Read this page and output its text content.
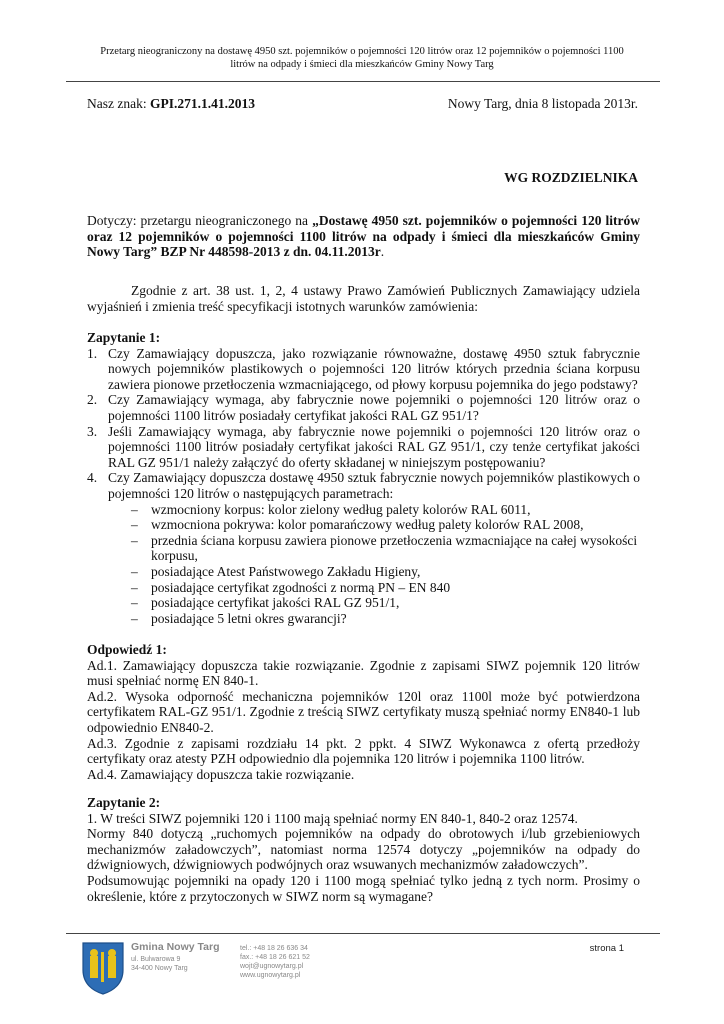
Przetarg nieograniczony na dostawę 4950 szt. pojemników o pojemności 120 litrów oraz 12 pojemników o pojemności 1100
litrów na odpady i śmieci dla mieszkańców Gminy Nowy Targ
Nasz znak: GPI.271.1.41.2013	Nowy Targ, dnia 8 listopada 2013r.
WG ROZDZIELNIKA
Dotyczy: przetargu nieograniczonego na „Dostawę 4950 szt. pojemników o pojemności 120 litrów oraz 12 pojemników o pojemności 1100 litrów na odpady i śmieci dla mieszkańców Gminy Nowy Targ” BZP Nr 448598-2013 z dn. 04.11.2013r.
Zgodnie z art. 38 ust. 1, 2, 4 ustawy Prawo Zamówień Publicznych Zamawiający udziela wyjaśnień i zmienia treść specyfikacji istotnych warunków zamówienia:
Zapytanie 1:
1. Czy Zamawiający dopuszcza, jako rozwiązanie równoważne, dostawę 4950 sztuk fabrycznie nowych pojemników plastikowych o pojemności 120 litrów których przednia ściana korpusu zawiera pionowe przetłoczenia wzmacniającego, od płowy korpusu pojemnika do jego podstawy?
2. Czy Zamawiający wymaga, aby fabrycznie nowe pojemniki o pojemności 120 litrów oraz o pojemności 1100 litrów posiadały certyfikat jakości RAL GZ 951/1?
3. Jeśli Zamawiający wymaga, aby fabrycznie nowe pojemniki o pojemności 120 litrów oraz o pojemności 1100 litrów posiadały certyfikat jakości RAL GZ 951/1, czy tenże certyfikat jakości RAL GZ 951/1 należy załączyć do oferty składanej w niniejszym postępowaniu?
4. Czy Zamawiający dopuszcza dostawę 4950 sztuk fabrycznie nowych pojemników plastikowych o pojemności 120 litrów o następujących parametrach:
– wzmocniony korpus: kolor zielony według palety kolorów RAL 6011,
– wzmocniona pokrywa: kolor pomarańczowy według palety kolorów RAL 2008,
– przednia ściana korpusu zawiera pionowe przetłoczenia wzmacniające na całej wysokości korpusu,
– posiadające Atest Państwowego Zakładu Higieny,
– posiadające certyfikat zgodności z normą PN – EN 840
– posiadające certyfikat jakości RAL GZ 951/1,
– posiadające 5 letni okres gwarancji?
Odpowiedź 1:
Ad.1. Zamawiający dopuszcza takie rozwiązanie. Zgodnie z zapisami SIWZ pojemnik 120 litrów musi spełniać normę EN 840-1.
Ad.2. Wysoka odporność mechaniczna pojemników 120l oraz 1100l może być potwierdzona certyfikatem RAL-GZ 951/1. Zgodnie z treścią SIWZ certyfikaty muszą spełniać normy EN840-1 lub odpowiednio EN840-2.
Ad.3. Zgodnie z zapisami rozdziału 14 pkt. 2 ppkt. 4 SIWZ Wykonawca z ofertą przedłoży certyfikaty oraz atesty PZH odpowiednio dla pojemnika 120 litrów i pojemnika 1100 litrów.
Ad.4. Zamawiający dopuszcza takie rozwiązanie.
Zapytanie 2:
1. W treści SIWZ pojemniki 120 i 1100 mają spełniać normy EN 840-1, 840-2 oraz 12574.
Normy 840 dotyczą „ruchomych pojemników na odpady do obrotowych i/lub grzebieniowych mechanizmów załadowczych”, natomiast norma 12574 dotyczy „pojemników na odpady do dźwigniowych, dźwigniowych podwójnych oraz wsuwanych mechanizmów załadowczych”.
Podsumowując pojemniki na opady 120 i 1100 mogą spełniać tylko jedną z tych norm. Prosimy o określenie, które z przytoczonych w SIWZ norm są wymagane?
Gmina Nowy Targ
ul. Bulwarowa 9
34-400 Nowy Targ
tel.: +48 18 26 636 34
fax.: +48 18 26 621 52
wojt@ugnowytarg.pl
www.ugnowytarg.pl
strona 1
